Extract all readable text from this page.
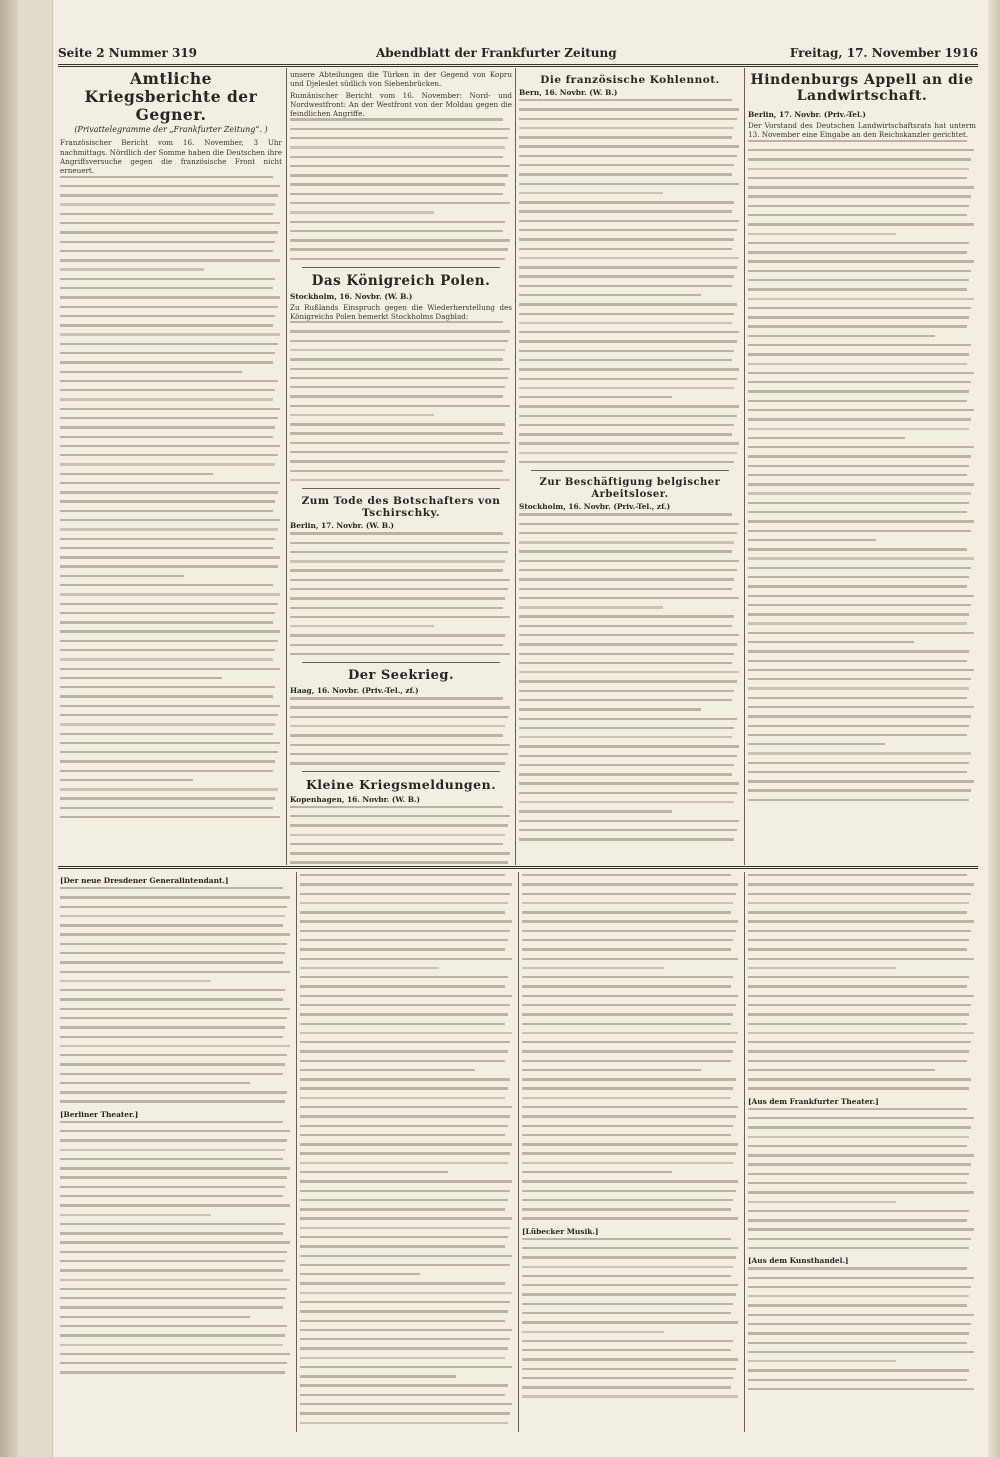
Seite 2 Nummer 319	Abendblatt der Frankfurter Zeitung	Freitag, 17. November 1916
Amtliche Kriegsberichte der Gegner.
(Privattelegramme der „Frankfurter Zeitung“. )

Französischer Bericht vom 16. November, 3 Uhr nachmittags. Nördlich der Somme haben die Deutschen ihre Angriffsversuche gegen die französische Front nicht erneuert.

unsere Abteilungen die Türken in der Gegend von Kopru und Djeleslet südlich von Siebenbrücken.

Rumänischer Bericht vom 16. November: Nord- und Nordwestfront: An der Westfront von der Moldau gegen die feindlichen Angriffe.

Das Königreich Polen.
Stockholm, 16. Novbr. (W. B.)

Zu Rußlands Einspruch gegen die Wiederherstellung des Königreichs Polen bemerkt Stockholms Dagblad:

Zum Tode des Botschafters von Tschirschky.
Berlin, 17. Novbr. (W. B.)
Der Seekrieg.
Haag, 16. Novbr. (Priv.-Tel., zf.)
Kleine Kriegsmeldungen.
Kopenhagen, 16. Novbr. (W. B.)
Die französische Kohlennot.
Bern, 16. Novbr. (W. B.)
Zur Beschäftigung belgischer Arbeitsloser.
Stockholm, 16. Novbr. (Priv.-Tel., zf.)
Hindenburgs Appell an die
Landwirtschaft.
Berlin, 17. Novbr. (Priv.-Tel.)

Der Vorstand des Deutschen Landwirtschaftsrats hat unterm 13. November eine Eingabe an den Reichskanzler gerichtet.

[Der neue Dresdener Generalintendant.]
[Berliner Theater.]
[Lübecker Musik.]
[Aus dem Frankfurter Theater.]
[Aus dem Kunsthandel.]
